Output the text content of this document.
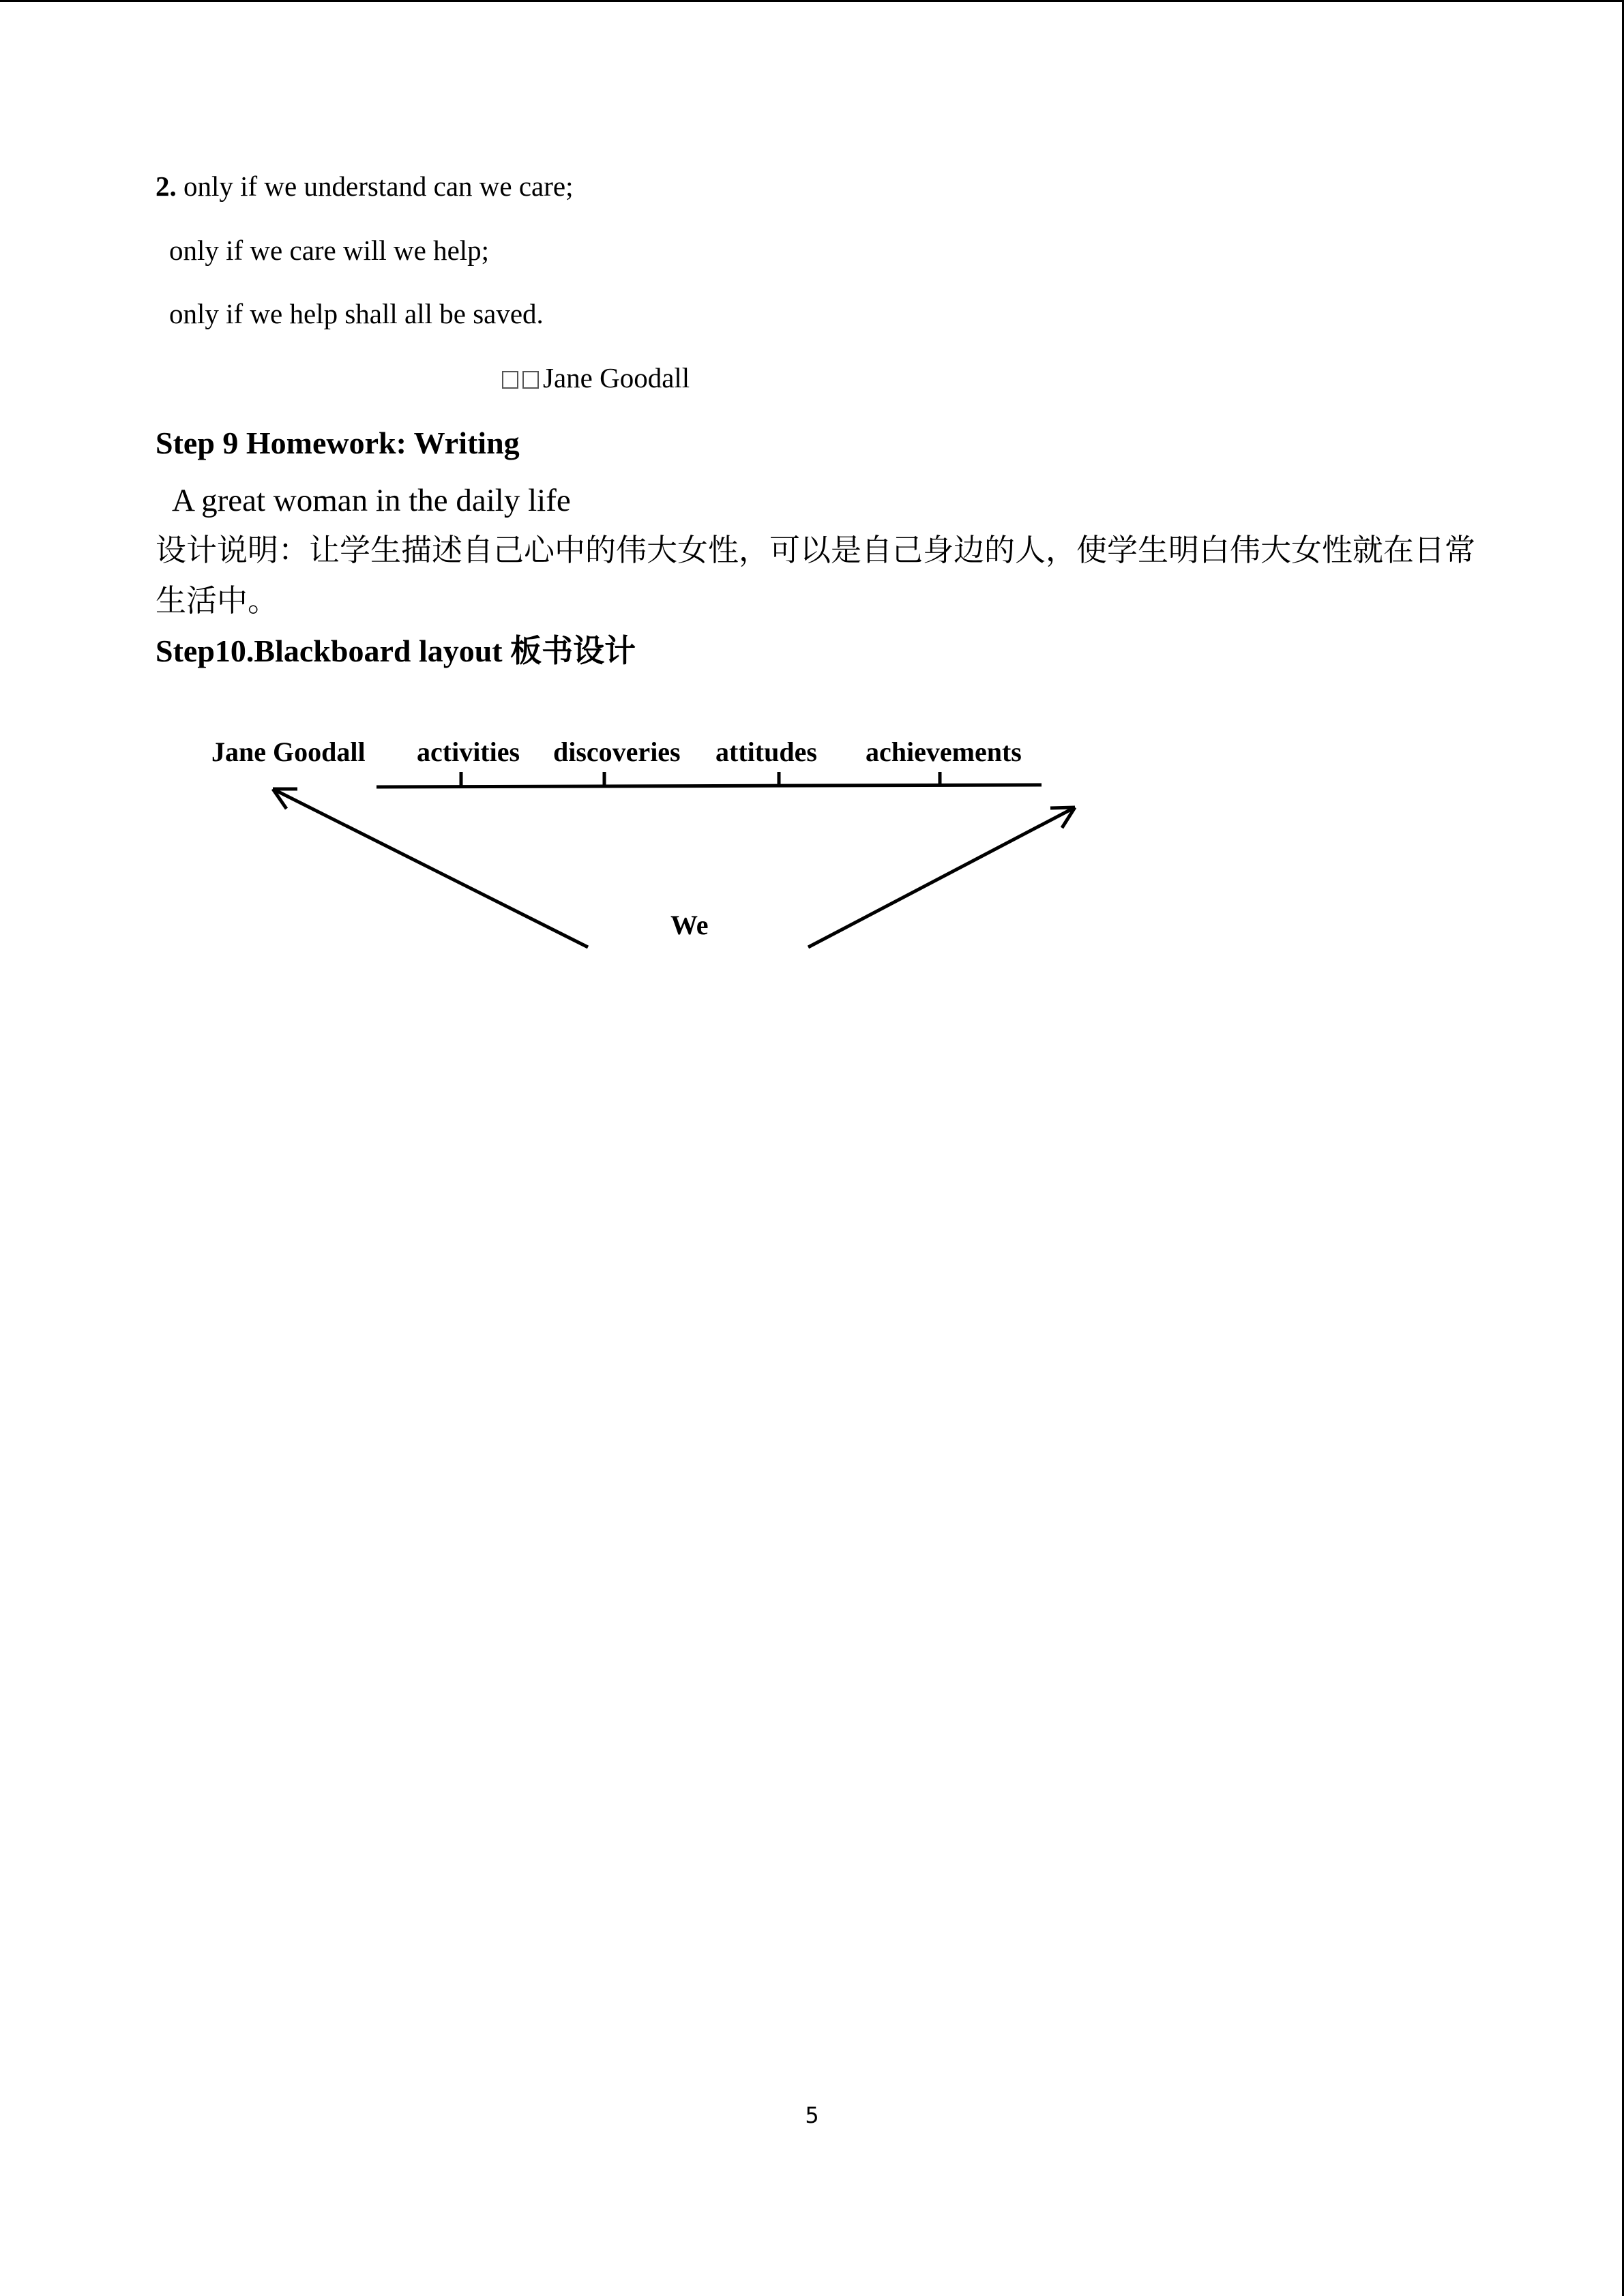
2. only if we understand can we care;
only if we care will we help;
only if we help shall all be saved.
Jane Goodall
Step 9 Homework: Writing
A great woman in the daily life
设计说明：让学生描述自己心中的伟大女性，可以是自己身边的人，使学生明白伟大女性就在日常生活中。
Step10.Blackboard layout 板书设计
Jane Goodall activities discoveries attitudes achievements
We
5
